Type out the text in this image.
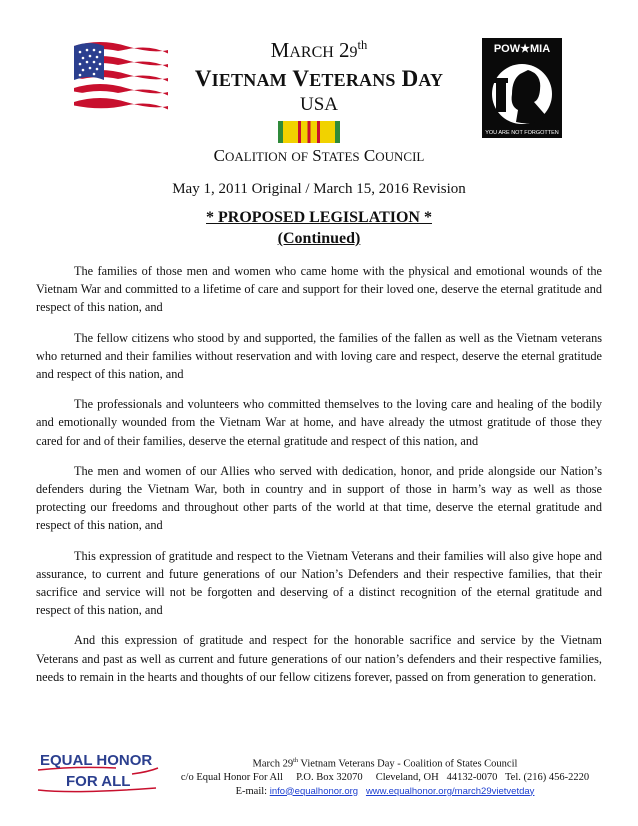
POW★MIA
YOU ARE NOT FORGOTTEN
MARCH 29th
VIETNAM VETERANS DAY
USA
COALITION OF STATES COUNCIL
May 1, 2011 Original / March 15, 2016 Revision
* PROPOSED LEGISLATION *
(Continued)

The families of those men and women who came home with the physical and emotional wounds of the Vietnam War and committed to a lifetime of care and support for their loved one, deserve the eternal gratitude and respect of this nation, and

The fellow citizens who stood by and supported, the families of the fallen as well as the Vietnam veterans who returned and their families without reservation and with loving care and respect, deserve the eternal gratitude and respect of this nation, and

The professionals and volunteers who committed themselves to the loving care and healing of the bodily and emotionally wounded from the Vietnam War at home, and have already the utmost gratitude of those they cared for and of their families, deserve the eternal gratitude and respect of this nation, and

The men and women of our Allies who served with dedication, honor, and pride alongside our Nation’s defenders during the Vietnam War, both in country and in support of those in harm’s way as well as those protecting our freedoms and throughout other parts of the world at that time, deserve the eternal gratitude and respect of this nation, and

This expression of gratitude and respect to the Vietnam Veterans and their families will also give hope and assurance, to current and future generations of our Nation’s Defenders and their respective families, that their sacrifice and service will not be forgotten and deserving of a distinct recognition of the eternal gratitude and respect of this nation, and

And this expression of gratitude and respect for the honorable sacrifice and service by the Vietnam Veterans and past as well as current and future generations of our nation’s defenders and their respective families, needs to remain in the hearts and thoughts of our fellow citizens forever, passed on from generation to generation.

EQUAL HONOR
FOR ALL
March 29th Vietnam Veterans Day - Coalition of States Council
c/o Equal Honor For All     P.O. Box 32070     Cleveland, OH   44132-0070   Tel. (216) 456-2220
E-mail: info@equalhonor.org www.equalhonor.org/march29vietvetday
